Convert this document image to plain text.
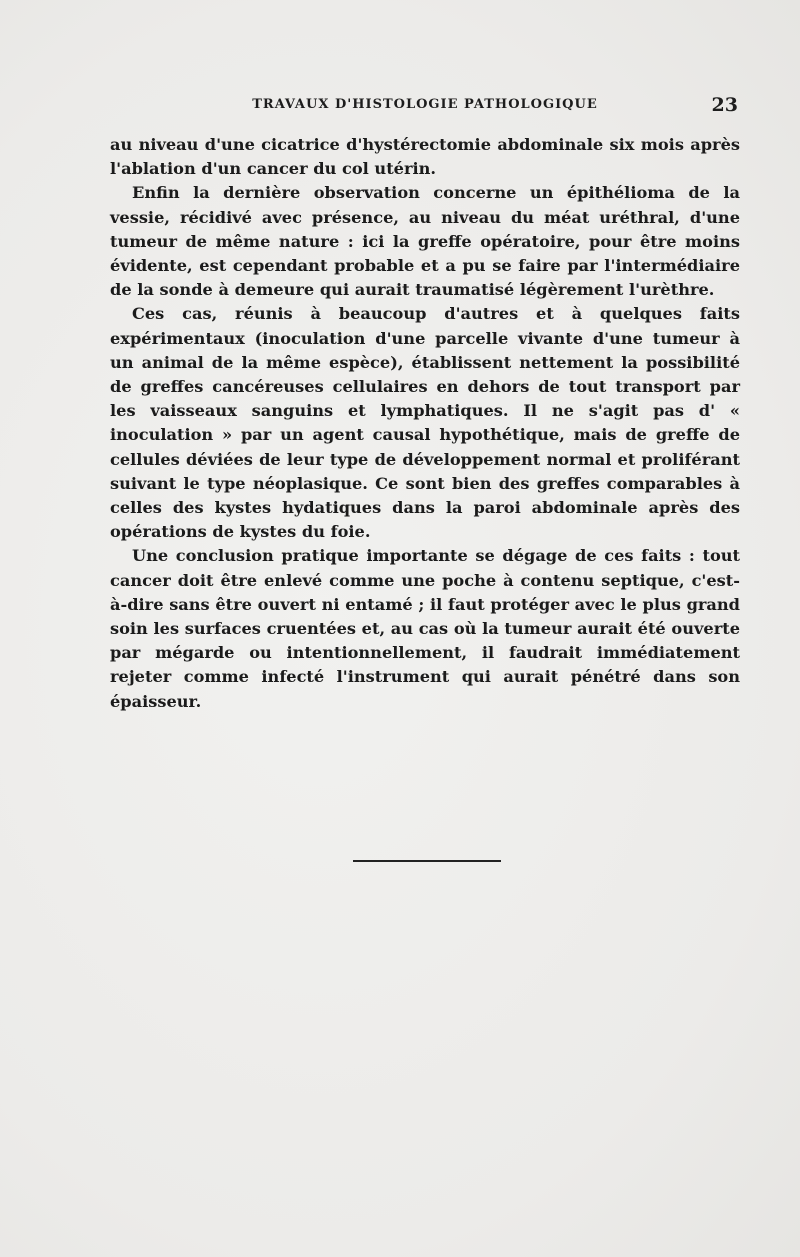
TRAVAUX D'HISTOLOGIE PATHOLOGIQUE	23

au niveau d'une cicatrice d'hystérectomie abdominale six mois après l'ablation d'un cancer du col utérin.

Enfin la dernière observation concerne un épithélioma de la vessie, récidivé avec présence, au niveau du méat uréthral, d'une tumeur de même nature : ici la greffe opératoire, pour être moins évidente, est cependant probable et a pu se faire par l'intermédiaire de la sonde à demeure qui aurait traumatisé légèrement l'urèthre.

Ces cas, réunis à beaucoup d'autres et à quelques faits expérimentaux (inoculation d'une parcelle vivante d'une tumeur à un animal de la même espèce), établissent nettement la possibilité de greffes cancéreuses cellulaires en dehors de tout transport par les vaisseaux sanguins et lymphatiques. Il ne s'agit pas d' « inoculation » par un agent causal hypothétique, mais de greffe de cellules déviées de leur type de développement normal et proliférant suivant le type néoplasique. Ce sont bien des greffes comparables à celles des kystes hydatiques dans la paroi abdominale après des opérations de kystes du foie.

Une conclusion pratique importante se dégage de ces faits : tout cancer doit être enlevé comme une poche à contenu septique, c'est-à-dire sans être ouvert ni entamé ; il faut protéger avec le plus grand soin les surfaces cruentées et, au cas où la tumeur aurait été ouverte par mégarde ou intentionnellement, il faudrait immédiatement rejeter comme infecté l'instrument qui aurait pénétré dans son épaisseur.
